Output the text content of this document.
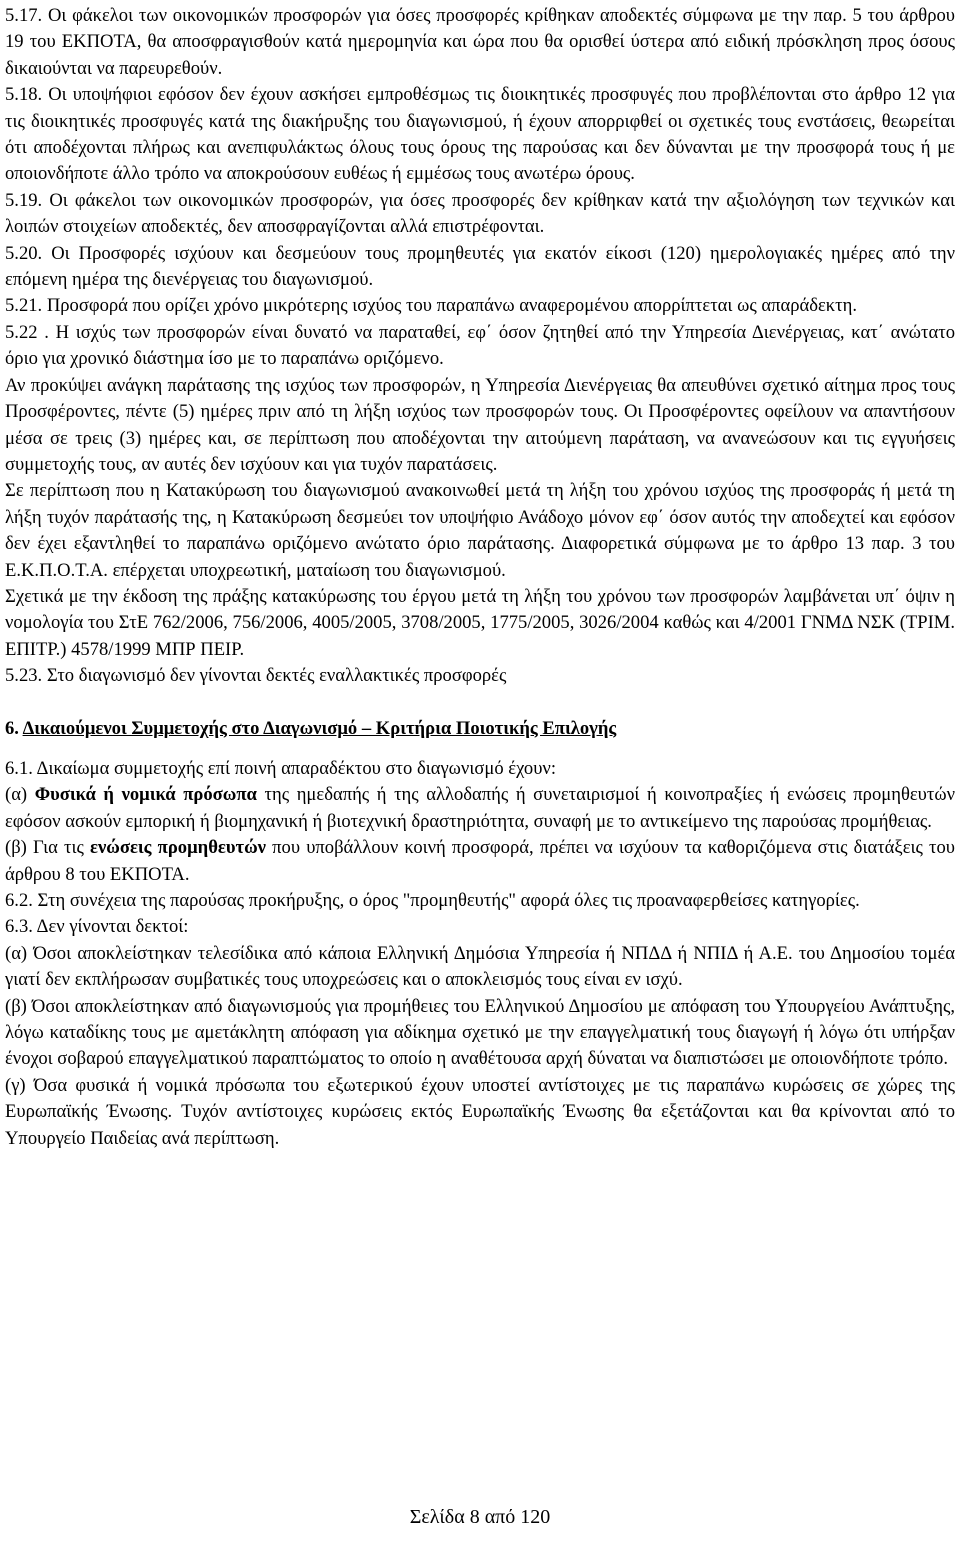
5.17. Οι φάκελοι των οικονομικών προσφορών για όσες προσφορές κρίθηκαν αποδεκτές σύμφωνα με την παρ. 5 του άρθρου 19 του ΕΚΠΟΤΑ, θα αποσφραγισθούν κατά ημερομηνία και ώρα που θα ορισθεί ύστερα από ειδική πρόσκληση προς όσους δικαιούνται να παρευρεθούν.

5.18. Οι υποψήφιοι εφόσον δεν έχουν ασκήσει εμπροθέσμως τις διοικητικές προσφυγές που προβλέπονται στο άρθρο 12 για τις διοικητικές προσφυγές κατά της διακήρυξης του διαγωνισμού, ή έχουν απορριφθεί οι σχετικές τους ενστάσεις, θεωρείται ότι αποδέχονται πλήρως και ανεπιφυλάκτως όλους τους όρους της παρούσας και δεν δύνανται με την προσφορά τους ή με οποιονδήποτε άλλο τρόπο να αποκρούσουν ευθέως ή εμμέσως τους ανωτέρω όρους.

5.19. Οι φάκελοι των οικονομικών προσφορών, για όσες προσφορές δεν κρίθηκαν κατά την αξιολόγηση των τεχνικών και λοιπών στοιχείων αποδεκτές, δεν αποσφραγίζονται αλλά επιστρέφονται.

5.20. Οι Προσφορές ισχύουν και δεσμεύουν τους προμηθευτές για εκατόν είκοσι (120) ημερολογιακές ημέρες από την επόμενη ημέρα της διενέργειας του διαγωνισμού.

5.21. Προσφορά που ορίζει χρόνο μικρότερης ισχύος του παραπάνω αναφερομένου απορρίπτεται ως απαράδεκτη.

5.22 . Η ισχύς των προσφορών είναι δυνατό να παραταθεί, εφ΄ όσον ζητηθεί από την Υπηρεσία Διενέργειας, κατ΄ ανώτατο όριο για χρονικό διάστημα ίσο με το παραπάνω οριζόμενο.

Αν προκύψει ανάγκη παράτασης της ισχύος των προσφορών, η Υπηρεσία Διενέργειας θα απευθύνει σχετικό αίτημα προς τους Προσφέροντες, πέντε (5) ημέρες πριν από τη λήξη ισχύος των προσφορών τους. Οι Προσφέροντες οφείλουν να απαντήσουν μέσα σε τρεις (3) ημέρες και, σε περίπτωση που αποδέχονται την αιτούμενη παράταση, να ανανεώσουν και τις εγγυήσεις συμμετοχής τους, αν αυτές δεν ισχύουν και για τυχόν παρατάσεις.

Σε περίπτωση που η Κατακύρωση του διαγωνισμού ανακοινωθεί μετά τη λήξη του χρόνου ισχύος της προσφοράς ή μετά τη λήξη τυχόν παράτασής της, η Κατακύρωση δεσμεύει τον υποψήφιο Ανάδοχο μόνον εφ΄ όσον αυτός την αποδεχτεί και εφόσον δεν έχει εξαντληθεί το παραπάνω οριζόμενο ανώτατο όριο παράτασης. Διαφορετικά σύμφωνα με το άρθρο 13 παρ. 3 του Ε.Κ.Π.Ο.Τ.Α. επέρχεται υποχρεωτική, ματαίωση του διαγωνισμού.

Σχετικά με την έκδοση της πράξης κατακύρωσης του έργου μετά τη λήξη του χρόνου των προσφορών λαμβάνεται υπ΄ όψιν η νομολογία του ΣτΕ 762/2006, 756/2006, 4005/2005, 3708/2005, 1775/2005, 3026/2004 καθώς και 4/2001 ΓΝΜΔ ΝΣΚ (ΤΡΙΜ. ΕΠΙΤΡ.) 4578/1999 ΜΠΡ ΠΕΙΡ.

5.23. Στο διαγωνισμό δεν γίνονται δεκτές εναλλακτικές προσφορές

6. Δικαιούμενοι Συμμετοχής στο Διαγωνισμό – Κριτήρια Ποιοτικής Επιλογής

6.1. Δικαίωμα συμμετοχής επί ποινή απαραδέκτου στο διαγωνισμό έχουν:

(α) Φυσικά ή νομικά πρόσωπα της ημεδαπής ή της αλλοδαπής ή συνεταιρισμοί ή κοινοπραξίες ή ενώσεις προμηθευτών εφόσον ασκούν εμπορική ή βιομηχανική ή βιοτεχνική δραστηριότητα, συναφή με το αντικείμενο της παρούσας προμήθειας.

(β) Για τις ενώσεις προμηθευτών που υποβάλλουν κοινή προσφορά, πρέπει να ισχύουν τα καθοριζόμενα στις διατάξεις του άρθρου 8 του ΕΚΠΟΤΑ.

6.2. Στη συνέχεια της παρούσας προκήρυξης, ο όρος "προμηθευτής" αφορά όλες τις προαναφερθείσες κατηγορίες.

6.3. Δεν γίνονται δεκτοί:

(α) Όσοι αποκλείστηκαν τελεσίδικα από κάποια Ελληνική Δημόσια Υπηρεσία ή ΝΠΔΔ ή ΝΠΙΔ ή Α.Ε. του Δημοσίου τομέα γιατί δεν εκπλήρωσαν συμβατικές τους υποχρεώσεις και ο αποκλεισμός τους είναι εν ισχύ.

(β) Όσοι αποκλείστηκαν από διαγωνισμούς για προμήθειες του Ελληνικού Δημοσίου με απόφαση του Υπουργείου Ανάπτυξης, λόγω καταδίκης τους με αμετάκλητη απόφαση για αδίκημα σχετικό με την επαγγελματική τους διαγωγή ή λόγω ότι υπήρξαν ένοχοι σοβαρού επαγγελματικού παραπτώματος το οποίο η αναθέτουσα αρχή δύναται να διαπιστώσει με οποιονδήποτε τρόπο.

(γ) Όσα φυσικά ή νομικά πρόσωπα του εξωτερικού έχουν υποστεί αντίστοιχες με τις παραπάνω κυρώσεις σε χώρες της Ευρωπαϊκής Ένωσης. Τυχόν αντίστοιχες κυρώσεις εκτός Ευρωπαϊκής Ένωσης θα εξετάζονται και θα κρίνονται από το Υπουργείο Παιδείας ανά περίπτωση.

Σελίδα 8 από 120
